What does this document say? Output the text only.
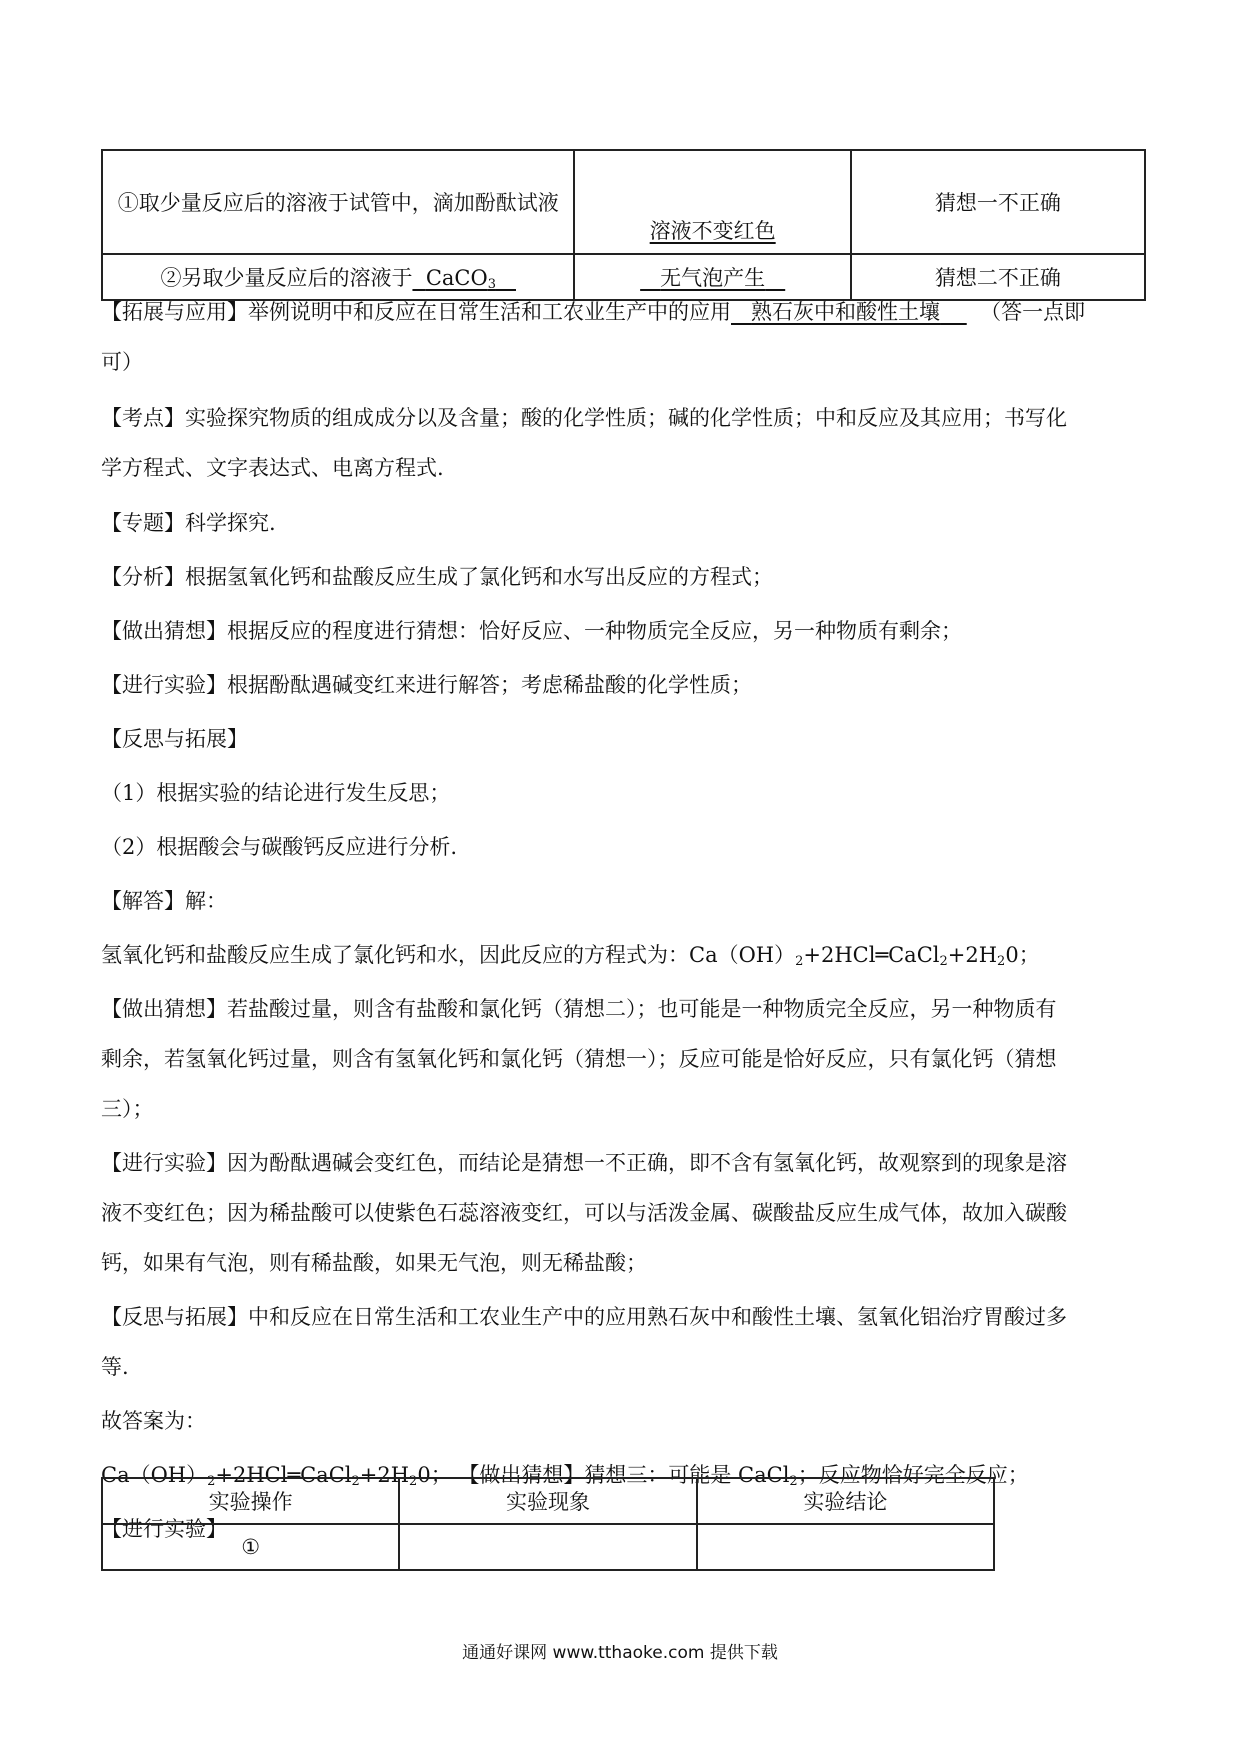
①取少量反应后的溶液于试管中，滴加酚酞试液	溶液不变红色	猜想一不正确
②另取少量反应后的溶液于 CaCO$_3$	无气泡产生	猜想二不正确
【拓展与应用】举例说明中和反应在日常生活和工农业生产中的应用 熟石灰中和酸性土壤 （答一点即
可）
【考点】实验探究物质的组成成分以及含量；酸的化学性质；碱的化学性质；中和反应及其应用；书写化
学方程式、文字表达式、电离方程式.
【专题】科学探究.
【分析】根据氢氧化钙和盐酸反应生成了氯化钙和水写出反应的方程式；
【做出猜想】根据反应的程度进行猜想：恰好反应、一种物质完全反应，另一种物质有剩余；
【进行实验】根据酚酞遇碱变红来进行解答；考虑稀盐酸的化学性质；
【反思与拓展】
（1）根据实验的结论进行发生反思；
（2）根据酸会与碳酸钙反应进行分析.
【解答】解：
氢氧化钙和盐酸反应生成了氯化钙和水，因此反应的方程式为：$Ca(OH)_2+2HCl═CaCl_2+2H_20$；
【做出猜想】若盐酸过量，则含有盐酸和氯化钙（猜想二）；也可能是一种物质完全反应，另一种物质有
剩余，若氢氧化钙过量，则含有氢氧化钙和氯化钙（猜想一）；反应可能是恰好反应，只有氯化钙（猜想
三）；
【进行实验】因为酚酞遇碱会变红色，而结论是猜想一不正确，即不含有氢氧化钙，故观察到的现象是溶
液不变红色；因为稀盐酸可以使紫色石蕊溶液变红，可以与活泼金属、碳酸盐反应生成气体，故加入碳酸
钙，如果有气泡，则有稀盐酸，如果无气泡，则无稀盐酸；
【反思与拓展】中和反应在日常生活和工农业生产中的应用熟石灰中和酸性土壤、氢氧化铝治疗胃酸过多
等.
故答案为：
$Ca(OH)_2+2HCl═CaCl_2+2H_20$； 【做出猜想】猜想三：可能是 CaCl$_2$；反应物恰好完全反应；
【进行实验】
实验操作	实验现象	实验结论
①		
通通好课网 www.tthaoke.com 提供下载
